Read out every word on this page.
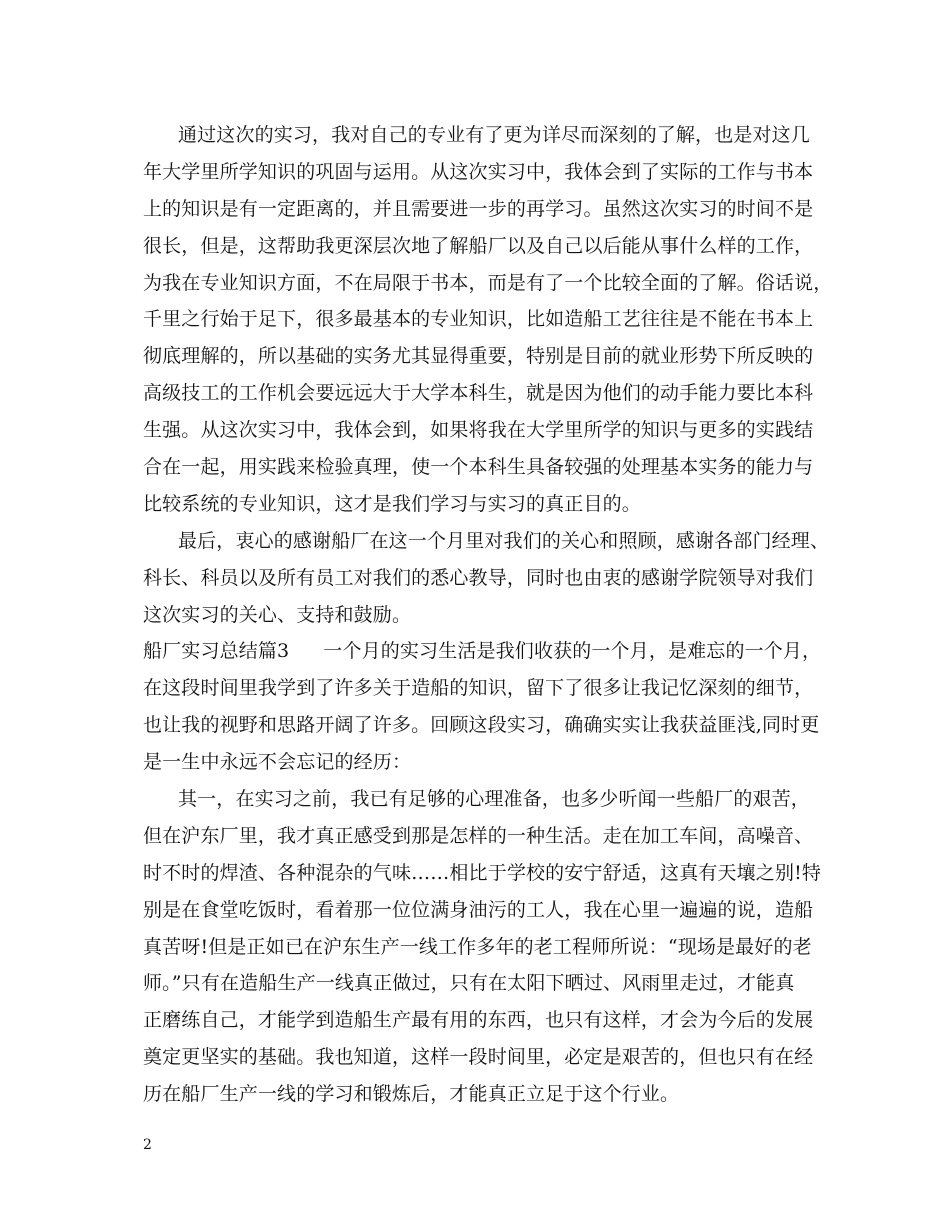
通过这次的实习，我对自己的专业有了更为详尽而深刻的了解，也是对这几
年大学里所学知识的巩固与运用。从这次实习中，我体会到了实际的工作与书本
上的知识是有一定距离的，并且需要进一步的再学习。虽然这次实习的时间不是
很长，但是，这帮助我更深层次地了解船厂以及自己以后能从事什么样的工作，
为我在专业知识方面，不在局限于书本，而是有了一个比较全面的了解。俗话说，
千里之行始于足下，很多最基本的专业知识，比如造船工艺往往是不能在书本上
彻底理解的，所以基础的实务尤其显得重要，特别是目前的就业形势下所反映的
高级技工的工作机会要远远大于大学本科生，就是因为他们的动手能力要比本科
生强。从这次实习中，我体会到，如果将我在大学里所学的知识与更多的实践结
合在一起，用实践来检验真理，使一个本科生具备较强的处理基本实务的能力与
比较系统的专业知识，这才是我们学习与实习的真正目的。
最后，衷心的感谢船厂在这一个月里对我们的关心和照顾，感谢各部门经理、
科长、科员以及所有员工对我们的悉心教导，同时也由衷的感谢学院领导对我们
这次实习的关心、支持和鼓励。
船厂实习总结篇3 一个月的实习生活是我们收获的一个月，是难忘的一个月，
在这段时间里我学到了许多关于造船的知识，留下了很多让我记忆深刻的细节，
也让我的视野和思路开阔了许多。回顾这段实习，确确实实让我获益匪浅,同时更
是一生中永远不会忘记的经历：
其一，在实习之前，我已有足够的心理准备，也多少听闻一些船厂的艰苦，
但在沪东厂里，我才真正感受到那是怎样的一种生活。走在加工车间，高噪音、
时不时的焊渣、各种混杂的气味……相比于学校的安宁舒适，这真有天壤之别!特
别是在食堂吃饭时，看着那一位位满身油污的工人，我在心里一遍遍的说，造船
真苦呀!但是正如已在沪东生产一线工作多年的老工程师所说：“现场是最好的老
师。”只有在造船生产一线真正做过，只有在太阳下晒过、风雨里走过，才能真
正磨练自己，才能学到造船生产最有用的东西，也只有这样，才会为今后的发展
奠定更坚实的基础。我也知道，这样一段时间里，必定是艰苦的，但也只有在经
历在船厂生产一线的学习和锻炼后，才能真正立足于这个行业。
2
